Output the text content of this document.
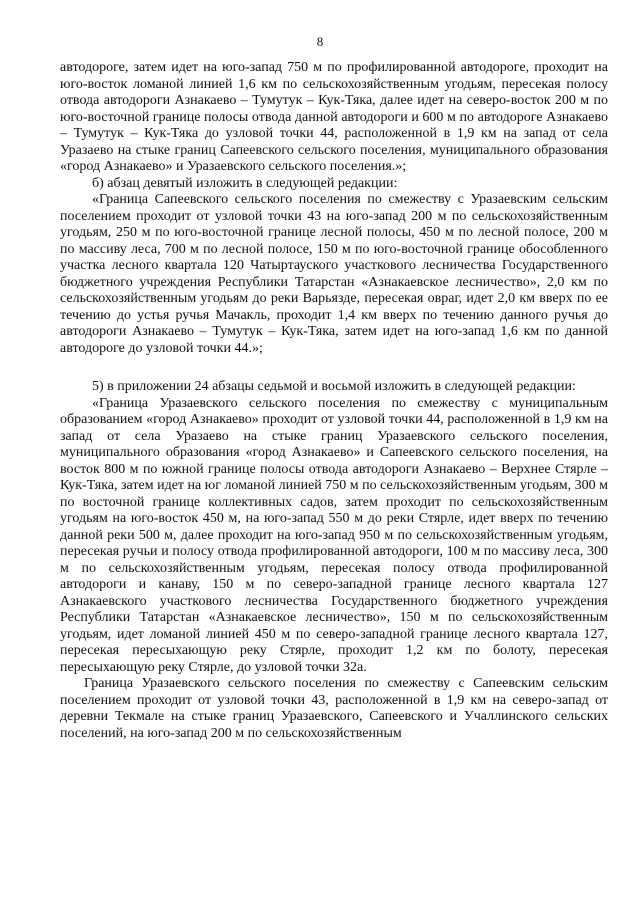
8

автодороге, затем идет на юго-запад 750 м по профилированной автодороге, проходит на юго-восток ломаной линией 1,6 км по сельскохозяйственным угодьям, пересекая полосу отвода автодороги Азнакаево – Тумутук – Кук-Тяка, далее идет на северо-восток 200 м по юго-восточной границе полосы отвода данной автодороги и 600 м по автодороге Азнакаево – Тумутук – Кук-Тяка до узловой точки 44, расположенной в 1,9 км на запад от села Уразаево на стыке границ Сапеевского сельского поселения, муниципального образования «город Азнакаево» и Уразаевского сельского поселения.»;

б) абзац девятый изложить в следующей редакции:

«Граница Сапеевского сельского поселения по смежеству с Уразаевским сельским поселением проходит от узловой точки 43 на юго-запад 200 м по сельскохозяйственным угодьям, 250 м по юго-восточной границе лесной полосы, 450 м по лесной полосе, 200 м по массиву леса, 700 м по лесной полосе, 150 м по юго-восточной границе обособленного участка лесного квартала 120 Чатыртауского участкового лесничества Государственного бюджетного учреждения Республики Татарстан «Азнакаевское лесничество», 2,0 км по сельскохозяйственным угодьям до реки Варьязде, пересекая овраг, идет 2,0 км вверх по ее течению до устья ручья Мачакль, проходит 1,4 км вверх по течению данного ручья до автодороги Азнакаево – Тумутук – Кук-Тяка, затем идет на юго-запад 1,6 км по данной автодороге до узловой точки 44.»;

5) в приложении 24 абзацы седьмой и восьмой изложить в следующей редакции:

«Граница Уразаевского сельского поселения по смежеству с муниципальным образованием «город Азнакаево» проходит от узловой точки 44, расположенной в 1,9 км на запад от села Уразаево на стыке границ Уразаевского сельского поселения, муниципального образования «город Азнакаево» и Сапеевского сельского поселения, на восток 800 м по южной границе полосы отвода автодороги Азнакаево – Верхнее Стярле – Кук-Тяка, затем идет на юг ломаной линией 750 м по сельскохозяйственным угодьям, 300 м по восточной границе коллективных садов, затем проходит по сельскохозяйственным угодьям на юго-восток 450 м, на юго-запад 550 м до реки Стярле, идет вверх по течению данной реки 500 м, далее проходит на юго-запад 950 м по сельскохозяйственным угодьям, пересекая ручьи и полосу отвода профилированной автодороги, 100 м по массиву леса, 300 м по сельскохозяйственным угодьям, пересекая полосу отвода профилированной автодороги и канаву, 150 м по северо-западной границе лесного квартала 127 Азнакаевского участкового лесничества Государственного бюджетного учреждения Республики Татарстан «Азнакаевское лесничество», 150 м по сельскохозяйственным угодьям, идет ломаной линией 450 м по северо-западной границе лесного квартала 127, пересекая пересыхающую реку Стярле, проходит 1,2 км по болоту, пересекая пересыхающую реку Стярле, до узловой точки 32а.

Граница Уразаевского сельского поселения по смежеству с Сапеевским сельским поселением проходит от узловой точки 43, расположенной в 1,9 км на северо-запад от деревни Текмале на стыке границ Уразаевского, Сапеевского и Учаллинского сельских поселений, на юго-запад 200 м по сельскохозяйственным
